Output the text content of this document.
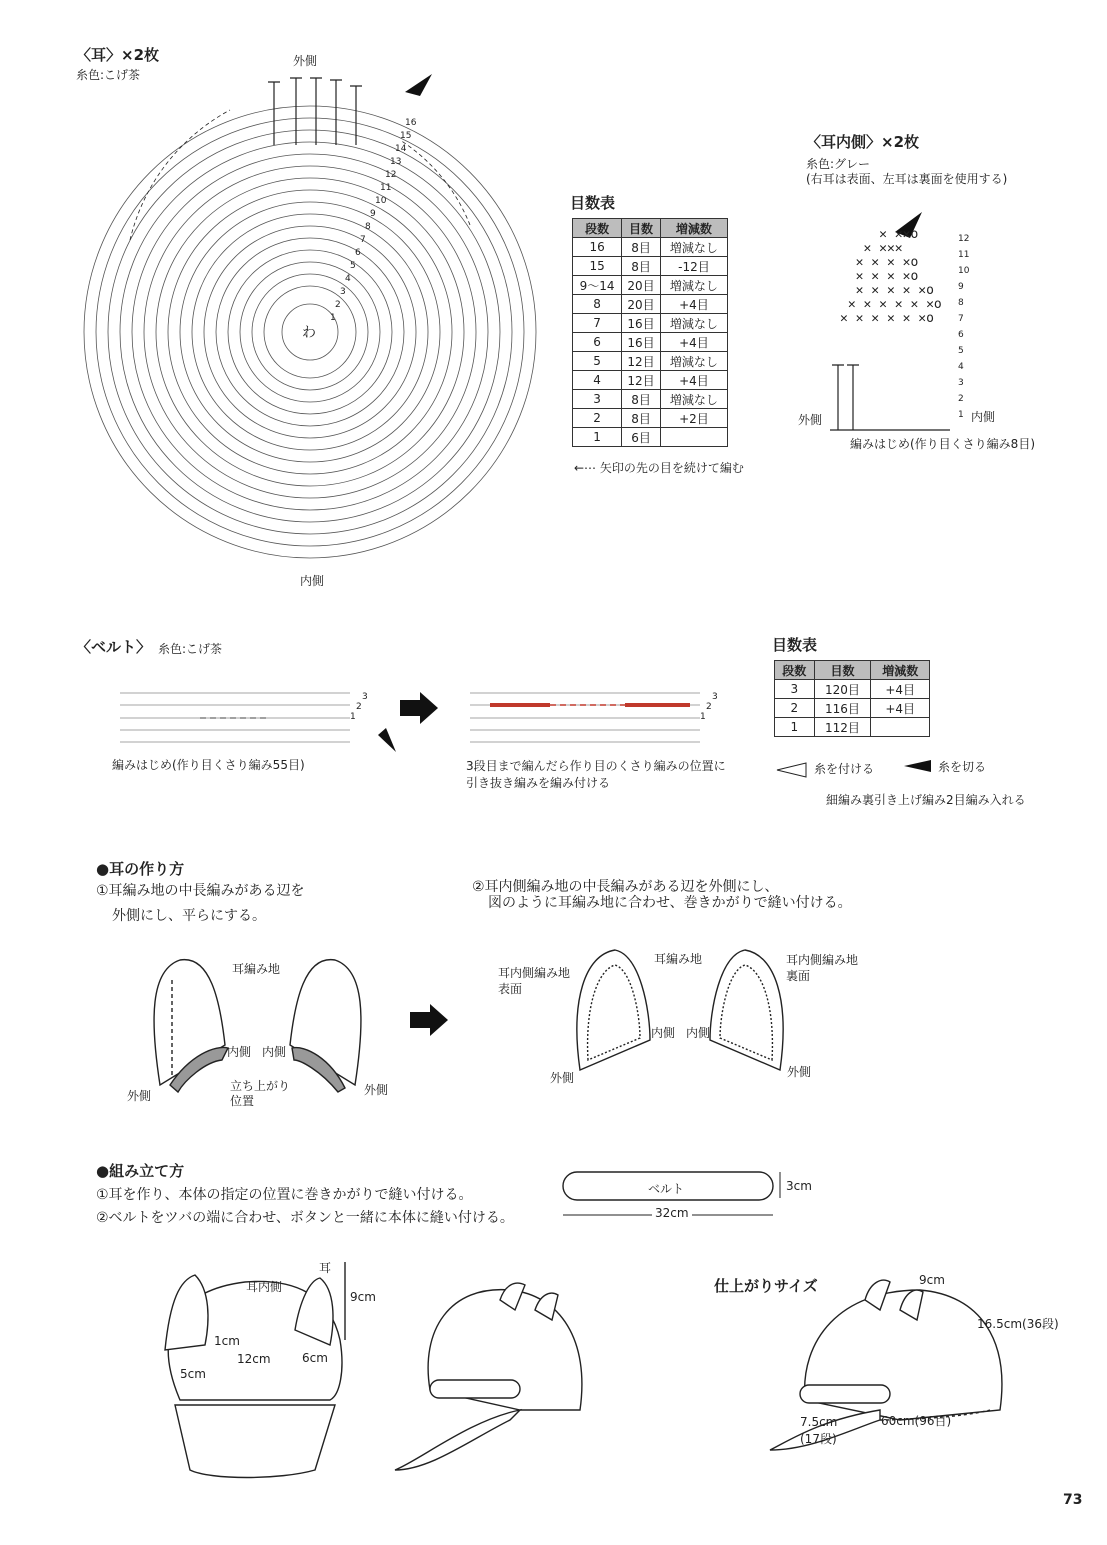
〈耳〉×2枚
糸色:こげ茶
外側
内側
わ
目数表
段数	目数	増減数
16	8目	増減なし
15	8目	-12目
9〜14	20目	増減なし
8	20目	+4目
7	16目	増減なし
6	16目	+4目
5	12目	増減なし
4	12目	+4目
3	8目	増減なし
2	8目	+2目
1	6目	
←⋯ 矢印の先の目を続けて編む
〈耳内側〉×2枚
糸色:グレー
(右耳は表面、左耳は裏面を使用する)
外側	内側
編みはじめ(作り目くさり編み8目)
✕ ✕✕o
✕ ✕✕✕
✕ ✕ ✕ ✕o
✕ ✕ ✕ ✕o
✕ ✕ ✕ ✕ ✕o
✕ ✕ ✕ ✕ ✕ ✕o
✕ ✕ ✕ ✕ ✕ ✕o
〈ベルト〉 糸色:こげ茶
編みはじめ(作り目くさり編み55目)	3段目まで編んだら作り目のくさり編みの位置に
引き抜き編みを編み付ける
目数表
段数	目数	増減数
3	120目	+4目
2	116目	+4目
1	112目	
糸を付ける	糸を切る
細編み裏引き上げ編み2目編み入れる
●耳の作り方
①耳編み地の中長編みがある辺を
外側にし、平らにする。
②耳内側編み地の中長編みがある辺を外側にし、
図のように耳編み地に合わせ、巻きかがりで縫い付ける。
耳編み地
内側 内側
外側	外側
立ち上がり
位置
耳編み地
耳内側編み地
表面
耳内側編み地
裏面
内側 内側
外側	外側
●組み立て方
①耳を作り、本体の指定の位置に巻きかがりで縫い付ける。
②ベルトをツバの端に合わせ、ボタンと一緒に本体に縫い付ける。
ベルト	3cm
32cm
耳
耳内側
9cm
1cm
12cm	6cm
5cm
仕上がりサイズ	9cm
16.5cm(36段)
60cm(96目)
7.5cm
(17段)
73
1
2
3
4
5
6
7
8
9
10
11
12
13
14
15
16
1
2
3
4
5
6
7
8
9
10
11
12
1	1
2	2
3	3
